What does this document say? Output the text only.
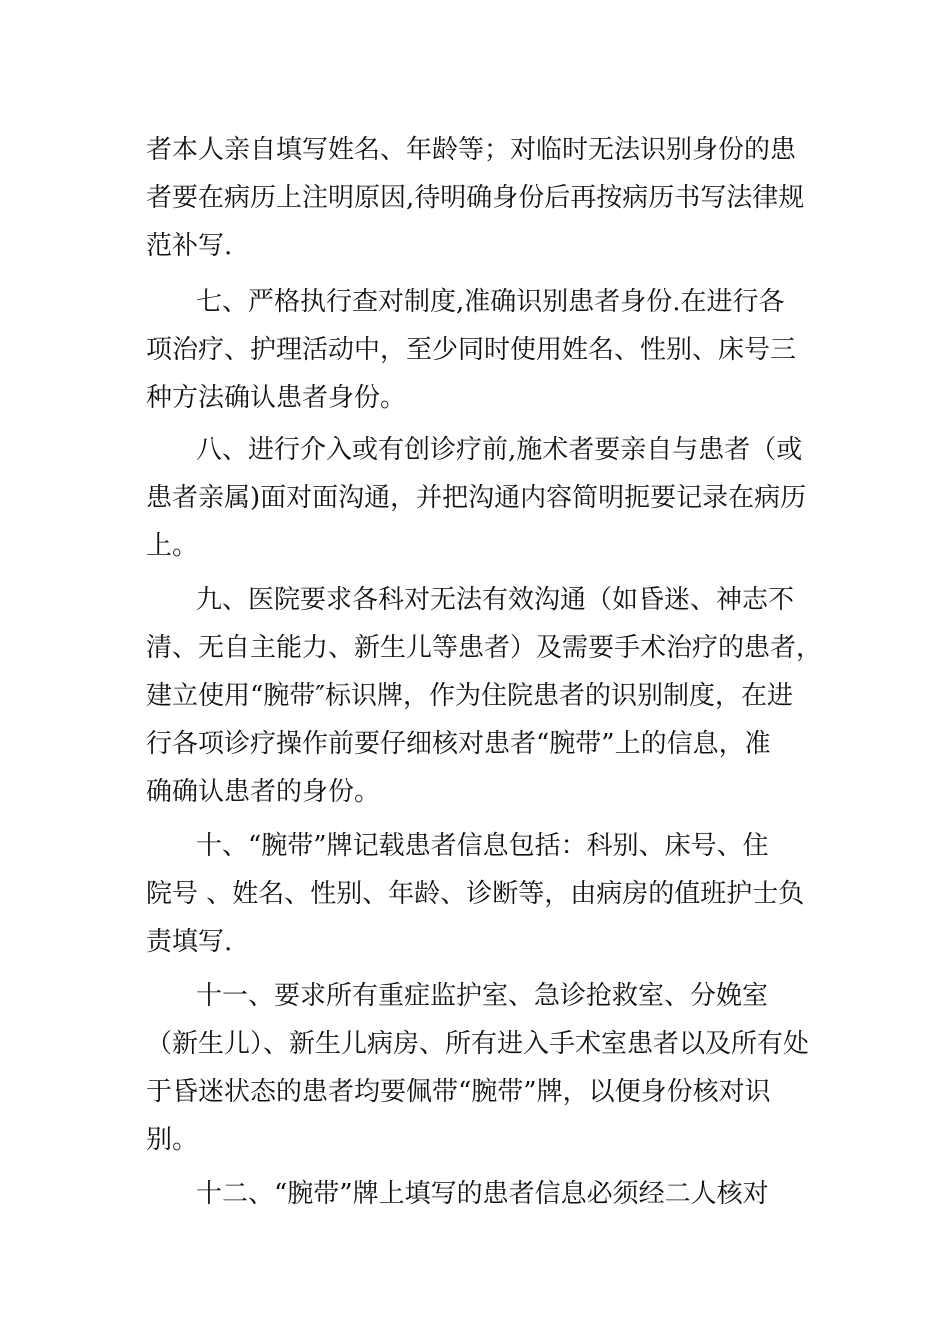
者本人亲自填写姓名、年龄等；对临时无法识别身份的患
者要在病历上注明原因,待明确身份后再按病历书写法律规
范补写.
七、严格执行查对制度,准确识别患者身份.在进行各
项治疗、护理活动中，至少同时使用姓名、性别、床号三
种方法确认患者身份。
八、进行介入或有创诊疗前,施术者要亲自与患者（或
患者亲属)面对面沟通，并把沟通内容简明扼要记录在病历
上。
九、医院要求各科对无法有效沟通（如昏迷、神志不
清、无自主能力、新生儿等患者）及需要手术治疗的患者，
建立使用“腕带″标识牌，作为住院患者的识别制度，在进
行各项诊疗操作前要仔细核对患者“腕带”上的信息，准
确确认患者的身份。
十、“腕带”牌记载患者信息包括：科别、床号、住
院号 、姓名、性别、年龄、诊断等，由病房的值班护士负
责填写.
十一、要求所有重症监护室、急诊抢救室、分娩室
（新生儿）、新生儿病房、所有进入手术室患者以及所有处
于昏迷状态的患者均要佩带“腕带”牌，以便身份核对识
别。
十二、“腕带”牌上填写的患者信息必须经二人核对
